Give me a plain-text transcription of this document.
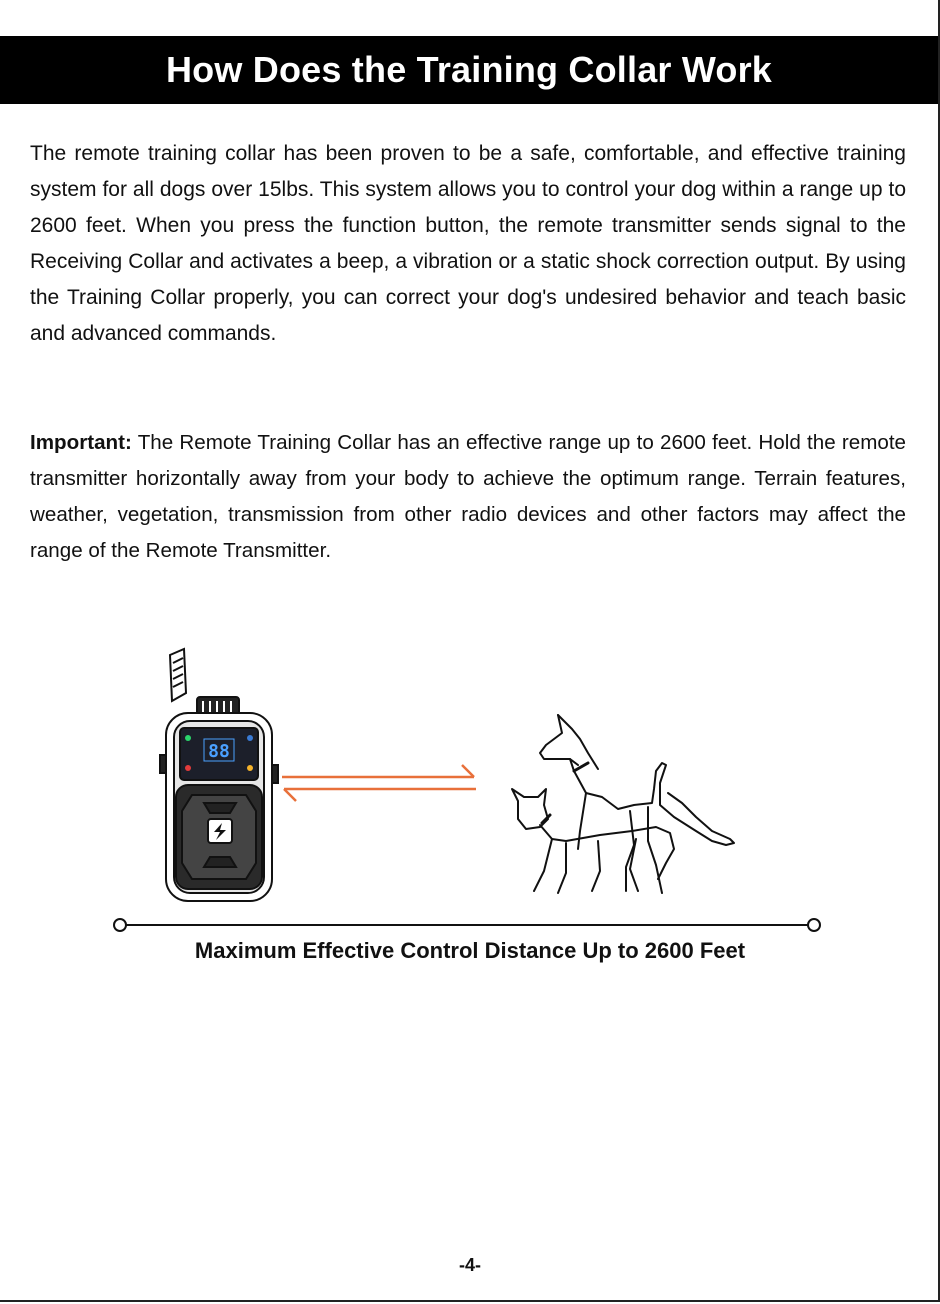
How Does the Training Collar Work

The remote training collar has been proven to be a safe, comfortable, and effective training system for all dogs over 15lbs. This system allows you to control your dog within a range up to 2600 feet. When you press the function button, the remote transmitter sends signal to the Receiving Collar and activates a beep, a vibration or a static shock correction output. By using the Training Collar properly, you can correct your dog's undesired behavior and teach basic and advanced commands.

Important: The Remote Training Collar has an effective range up to 2600 feet. Hold the remote transmitter horizontally away from your body to achieve the optimum range. Terrain features, weather, vegetation, transmission from other radio devices and other factors may affect the range of the Remote Transmitter.

88
Maximum Effective Control Distance Up to 2600 Feet
-4-
